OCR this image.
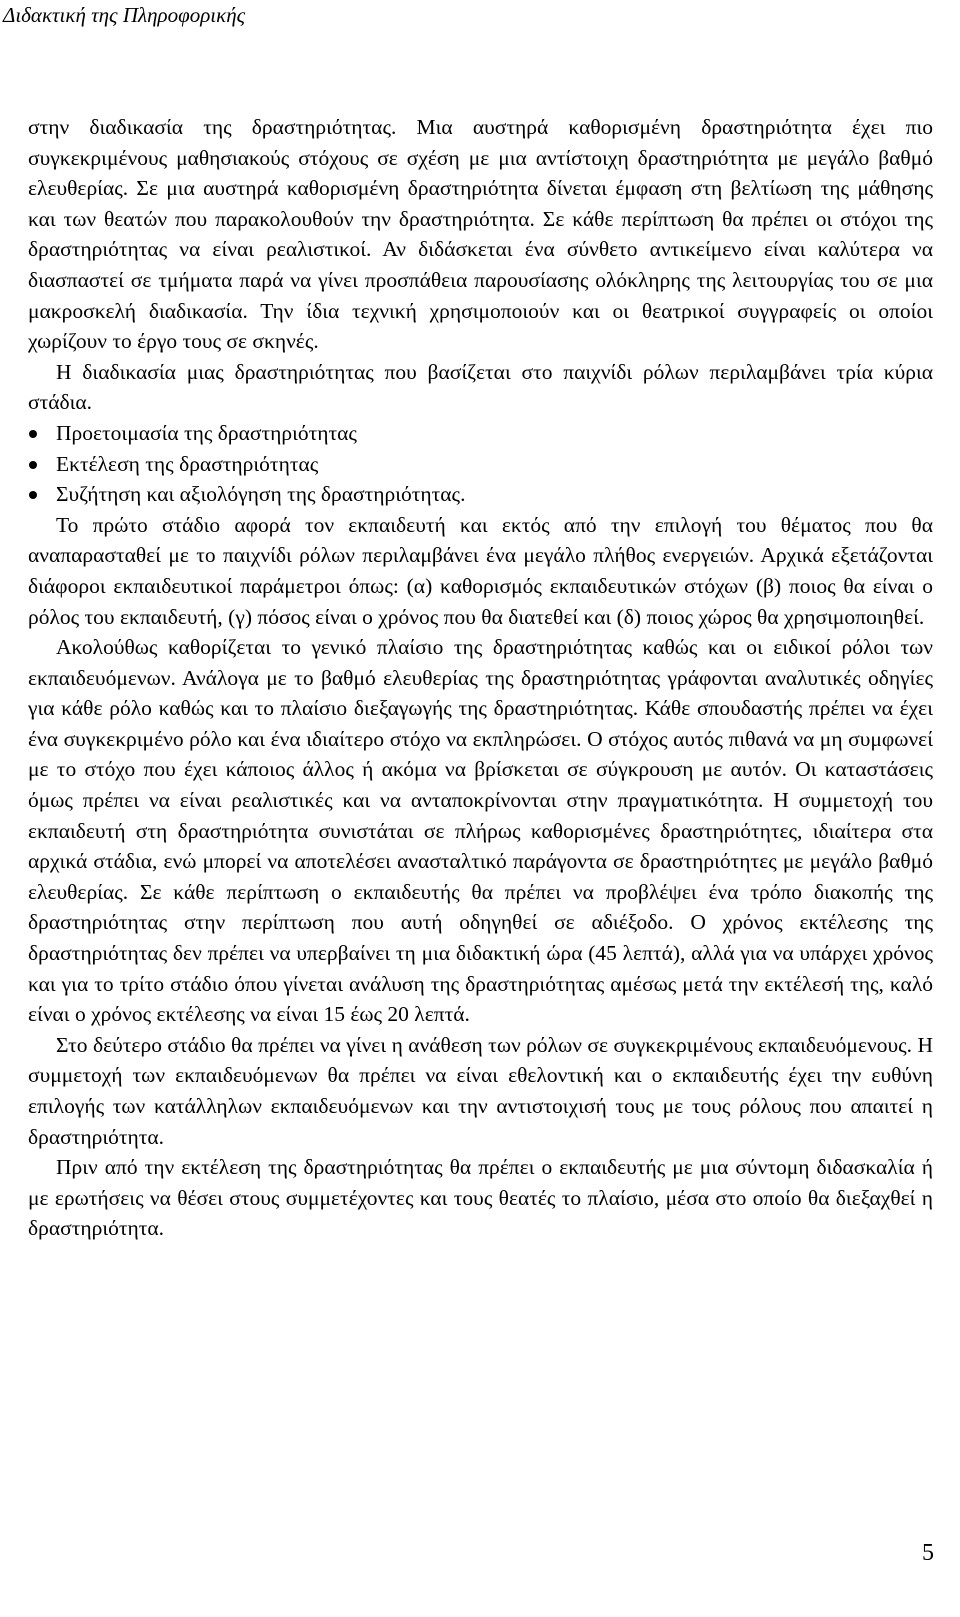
Διδακτική της Πληροφορικής

στην διαδικασία της δραστηριότητας. Μια αυστηρά καθορισμένη δραστηριότητα έχει πιο συγκεκριμένους μαθησιακούς στόχους σε σχέση με μια αντίστοιχη δραστηριότητα με μεγάλο βαθμό ελευθερίας. Σε μια αυστηρά καθορισμένη δραστηριότητα δίνεται έμφαση στη βελτίωση της μάθησης και των θεατών που παρακολουθούν την δραστηριότητα. Σε κάθε περίπτωση θα πρέπει οι στόχοι της δραστηριότητας να είναι ρεαλιστικοί. Αν διδάσκεται ένα σύνθετο αντικείμενο είναι καλύτερα να διασπαστεί σε τμήματα παρά να γίνει προσπάθεια παρουσίασης ολόκληρης της λειτουργίας του σε μια μακροσκελή διαδικασία. Την ίδια τεχνική χρησιμοποιούν και οι θεατρικοί συγγραφείς οι οποίοι χωρίζουν το έργο τους σε σκηνές.

Η διαδικασία μιας δραστηριότητας που βασίζεται στο παιχνίδι ρόλων περιλαμβάνει τρία κύρια στάδια.

Προετοιμασία της δραστηριότητας
Εκτέλεση της δραστηριότητας
Συζήτηση και αξιολόγηση της δραστηριότητας.

Το πρώτο στάδιο αφορά τον εκπαιδευτή και εκτός από την επιλογή του θέματος που θα αναπαρασταθεί με το παιχνίδι ρόλων περιλαμβάνει ένα μεγάλο πλήθος ενεργειών. Αρχικά εξετάζονται διάφοροι εκπαιδευτικοί παράμετροι όπως: (α) καθορισμός εκπαιδευτικών στόχων (β) ποιος θα είναι ο ρόλος του εκπαιδευτή, (γ) πόσος είναι ο χρόνος που θα διατεθεί και (δ) ποιος χώρος θα χρησιμοποιηθεί.

Ακολούθως καθορίζεται το γενικό πλαίσιο της δραστηριότητας καθώς και οι ειδικοί ρόλοι των εκπαιδευόμενων. Ανάλογα με το βαθμό ελευθερίας της δραστηριότητας γράφονται αναλυτικές οδηγίες για κάθε ρόλο καθώς και το πλαίσιο διεξαγωγής της δραστηριότητας. Κάθε σπουδαστής πρέπει να έχει ένα συγκεκριμένο ρόλο και ένα ιδιαίτερο στόχο να εκπληρώσει. Ο στόχος αυτός πιθανά να μη συμφωνεί με το στόχο που έχει κάποιος άλλος ή ακόμα να βρίσκεται σε σύγκρουση με αυτόν. Οι καταστάσεις όμως πρέπει να είναι ρεαλιστικές και να ανταποκρίνονται στην πραγματικότητα. Η συμμετοχή του εκπαιδευτή στη δραστηριότητα συνιστάται σε πλήρως καθορισμένες δραστηριότητες, ιδιαίτερα στα αρχικά στάδια, ενώ μπορεί να αποτελέσει ανασταλτικό παράγοντα σε δραστηριότητες με μεγάλο βαθμό ελευθερίας. Σε κάθε περίπτωση ο εκπαιδευτής θα πρέπει να προβλέψει ένα τρόπο διακοπής της δραστηριότητας στην περίπτωση που αυτή οδηγηθεί σε αδιέξοδο. Ο χρόνος εκτέλεσης της δραστηριότητας δεν πρέπει να υπερβαίνει τη μια διδακτική ώρα (45 λεπτά), αλλά για να υπάρχει χρόνος και για το τρίτο στάδιο όπου γίνεται ανάλυση της δραστηριότητας αμέσως μετά την εκτέλεσή της, καλό είναι ο χρόνος εκτέλεσης να είναι 15 έως 20 λεπτά.

Στο δεύτερο στάδιο θα πρέπει να γίνει η ανάθεση των ρόλων σε συγκεκριμένους εκπαιδευόμενους. Η συμμετοχή των εκπαιδευόμενων θα πρέπει να είναι εθελοντική και ο εκπαιδευτής έχει την ευθύνη επιλογής των κατάλληλων εκπαιδευόμενων και την αντιστοιχισή τους με τους ρόλους που απαιτεί η δραστηριότητα.

Πριν από την εκτέλεση της δραστηριότητας θα πρέπει ο εκπαιδευτής με μια σύντομη διδασκαλία ή με ερωτήσεις να θέσει στους συμμετέχοντες και τους θεατές το πλαίσιο, μέσα στο οποίο θα διεξαχθεί η δραστηριότητα.

5
